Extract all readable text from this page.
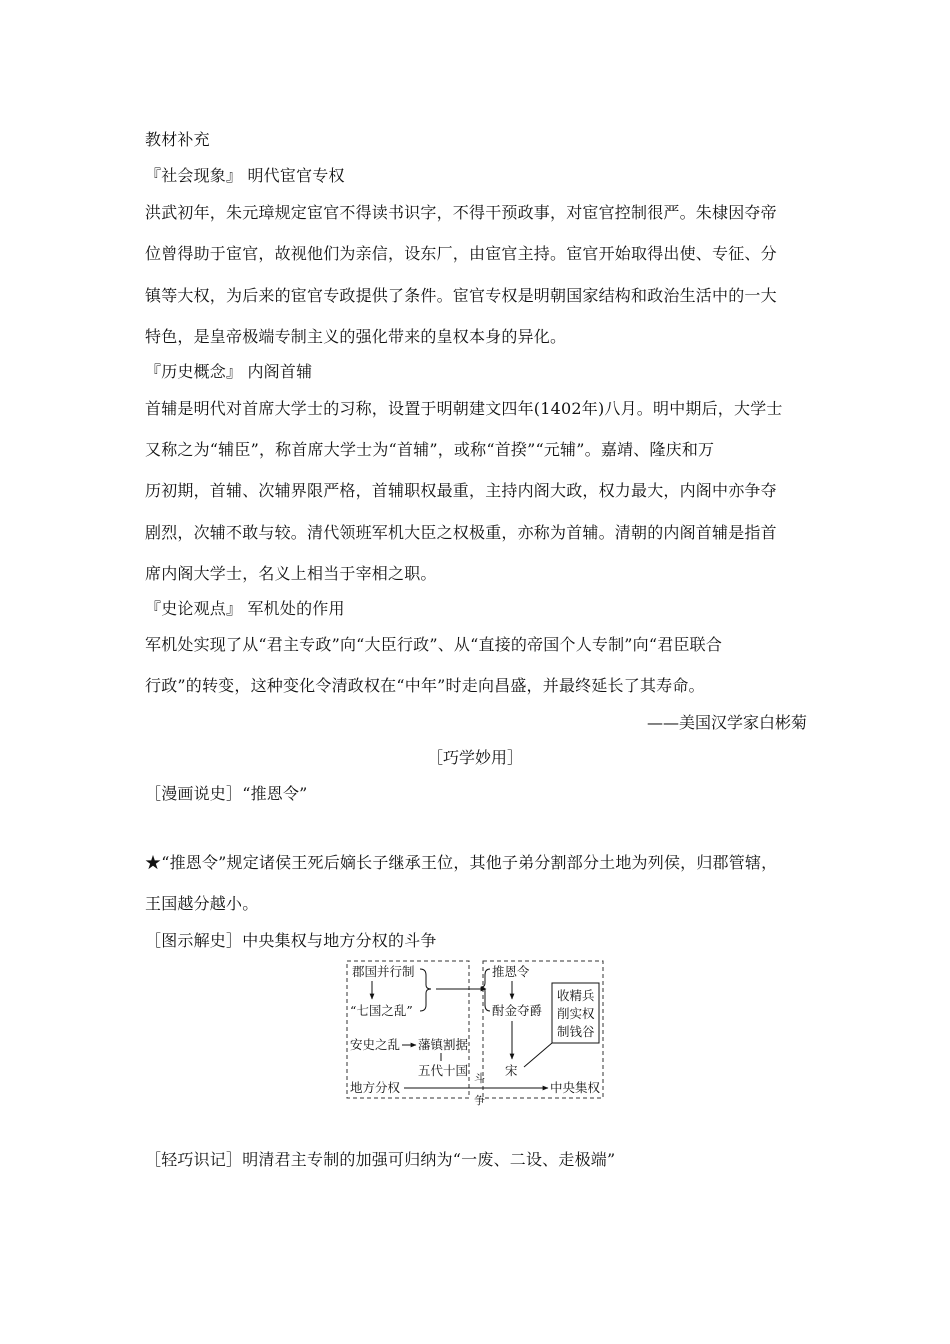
教材补充
『社会现象』 明代宦官专权
洪武初年，朱元璋规定宦官不得读书识字，不得干预政事，对宦官控制很严。朱棣因夺帝
位曾得助于宦官，故视他们为亲信，设东厂，由宦官主持。宦官开始取得出使、专征、分
镇等大权，为后来的宦官专政提供了条件。宦官专权是明朝国家结构和政治生活中的一大
特色，是皇帝极端专制主义的强化带来的皇权本身的异化。
『历史概念』 内阁首辅
首辅是明代对首席大学士的习称，设置于明朝建文四年(1402年)八月。明中期后，大学士
又称之为“辅臣”，称首席大学士为“首辅”，或称“首揆”“元辅”。嘉靖、隆庆和万
历初期，首辅、次辅界限严格，首辅职权最重，主持内阁大政，权力最大，内阁中亦争夺
剧烈，次辅不敢与较。清代领班军机大臣之权极重，亦称为首辅。清朝的内阁首辅是指首
席内阁大学士，名义上相当于宰相之职。
『史论观点』 军机处的作用
军机处实现了从“君主专政”向“大臣行政”、从“直接的帝国个人专制”向“君臣联合
行政”的转变，这种变化令清政权在“中年”时走向昌盛，并最终延长了其寿命。
——美国汉学家白彬菊
［巧学妙用］
［漫画说史］“推恩令”
★“推恩令”规定诸侯王死后嫡长子继承王位，其他子弟分割部分土地为列侯，归郡管辖，
王国越分越小。
［图示解史］中央集权与地方分权的斗争
郡国并行制
“七国之乱”
安史之乱 藩镇割据
五代十国
推恩令
酎金夺爵
宋
收精兵
削实权
制钱谷
地方分权	中央集权
斗
争
［轻巧识记］明清君主专制的加强可归纳为“一废、二设、走极端”
